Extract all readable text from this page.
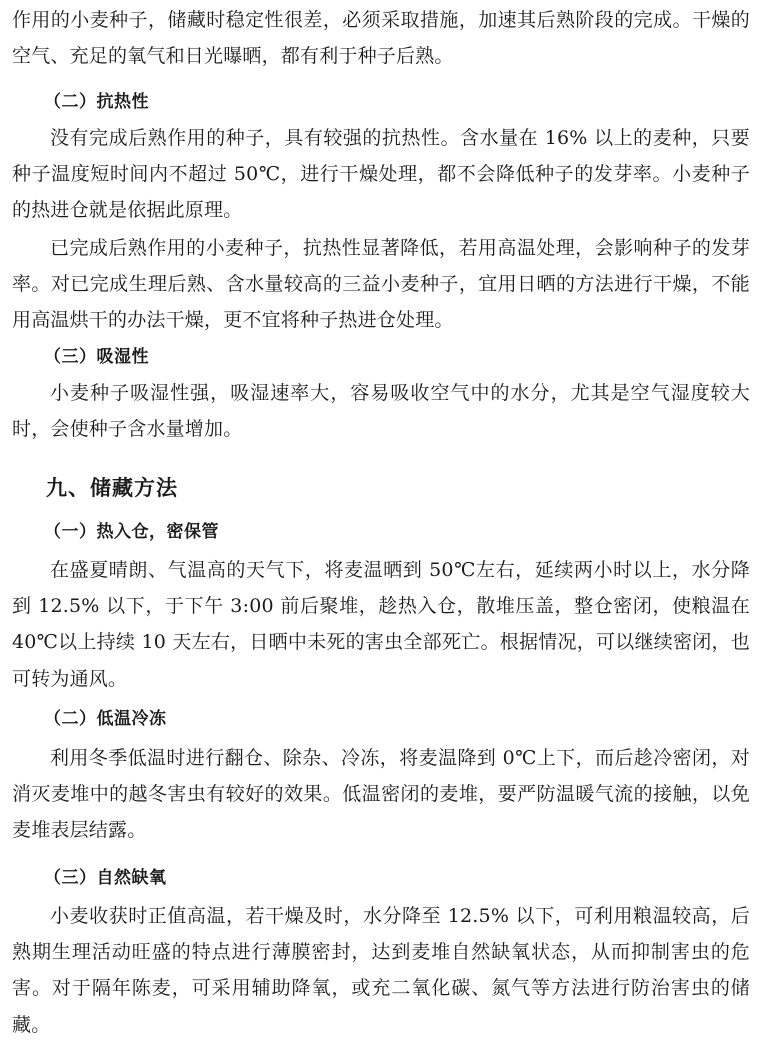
作用的小麦种子，储藏时稳定性很差，必须采取措施，加速其后熟阶段的完成。干燥的空气、充足的氧气和日光曝晒，都有利于种子后熟。

（二）抗热性

没有完成后熟作用的种子，具有较强的抗热性。含水量在 16% 以上的麦种，只要种子温度短时间内不超过 50℃，进行干燥处理，都不会降低种子的发芽率。小麦种子的热进仓就是依据此原理。

已完成后熟作用的小麦种子，抗热性显著降低，若用高温处理，会影响种子的发芽率。对已完成生理后熟、含水量较高的三益小麦种子，宜用日晒的方法进行干燥，不能用高温烘干的办法干燥，更不宜将种子热进仓处理。

（三）吸湿性

小麦种子吸湿性强，吸湿速率大，容易吸收空气中的水分，尤其是空气湿度较大时，会使种子含水量增加。

九、储藏方法
（一）热入仓，密保管

在盛夏晴朗、气温高的天气下，将麦温晒到 50℃左右，延续两小时以上，水分降到 12.5% 以下，于下午 3:00 前后聚堆，趁热入仓，散堆压盖，整仓密闭，使粮温在 40℃以上持续 10 天左右，日晒中未死的害虫全部死亡。根据情况，可以继续密闭，也可转为通风。

（二）低温冷冻

利用冬季低温时进行翻仓、除杂、冷冻，将麦温降到 0℃上下，而后趁冷密闭，对消灭麦堆中的越冬害虫有较好的效果。低温密闭的麦堆，要严防温暖气流的接触，以免麦堆表层结露。

（三）自然缺氧

小麦收获时正值高温，若干燥及时，水分降至 12.5% 以下，可利用粮温较高，后熟期生理活动旺盛的特点进行薄膜密封，达到麦堆自然缺氧状态，从而抑制害虫的危害。对于隔年陈麦，可采用辅助降氧，或充二氧化碳、氮气等方法进行防治害虫的储藏。
